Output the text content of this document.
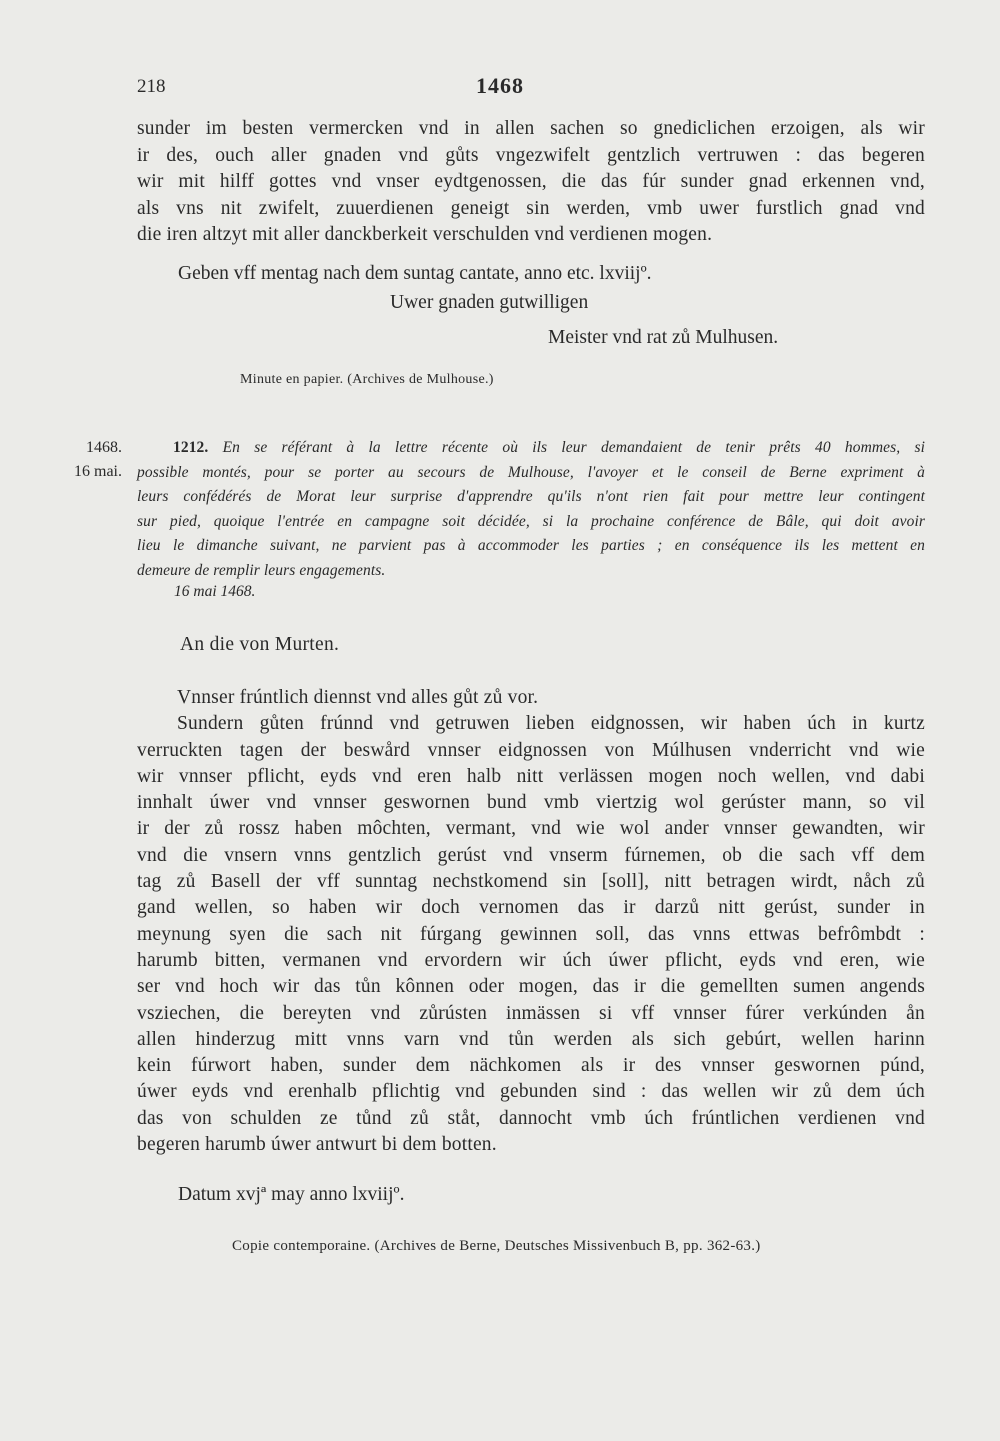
218	1468
sunder im besten vermercken vnd in allen sachen so gnediclichen erzoigen, als wir
ir des, ouch aller gnaden vnd gůts vngezwifelt gentzlich vertruwen : das begeren
wir mit hilff gottes vnd vnser eydtgenossen, die das fúr sunder gnad erkennen vnd,
als vns nit zwifelt, zuuerdienen geneigt sin werden, vmb uwer furstlich gnad vnd
die iren altzyt mit aller danckberkeit verschulden vnd verdienen mogen.
Geben vff mentag nach dem suntag cantate, anno etc. lxviijº.
Uwer gnaden gutwilligen
Meister vnd rat zů Mulhusen.
Minute en papier. (Archives de Mulhouse.)
1468.
16 mai.
1212. En se référant à la lettre récente où ils leur demandaient de tenir prêts 40 hommes, si
possible montés, pour se porter au secours de Mulhouse, l'avoyer et le conseil de Berne expriment à
leurs confédérés de Morat leur surprise d'apprendre qu'ils n'ont rien fait pour mettre leur contingent
sur pied, quoique l'entrée en campagne soit décidée, si la prochaine conférence de Bâle, qui doit avoir
lieu le dimanche suivant, ne parvient pas à accommoder les parties ; en conséquence ils les mettent en
demeure de remplir leurs engagements.
16 mai 1468.
An die von Murten.
Vnnser frúntlich diennst vnd alles gůt zů vor.
Sundern gůten frúnnd vnd getruwen lieben eidgnossen, wir haben úch in kurtz
verruckten tagen der beswård vnnser eidgnossen von Múlhusen vnderricht vnd wie
wir vnnser pflicht, eyds vnd eren halb nitt verlässen mogen noch wellen, vnd dabi
innhalt úwer vnd vnnser geswornen bund vmb viertzig wol gerúster mann, so vil
ir der zů rossz haben môchten, vermant, vnd wie wol ander vnnser gewandten, wir
vnd die vnsern vnns gentzlich gerúst vnd vnserm fúrnemen, ob die sach vff dem
tag zů Basell der vff sunntag nechstkomend sin [soll], nitt betragen wirdt, nåch zů
gand wellen, so haben wir doch vernomen das ir darzů nitt gerúst, sunder in
meynung syen die sach nit fúrgang gewinnen soll, das vnns ettwas befrômbdt :
harumb bitten, vermanen vnd ervordern wir úch úwer pflicht, eyds vnd eren, wie
ser vnd hoch wir das tůn kônnen oder mogen, das ir die gemellten sumen angends
vsziechen, die bereyten vnd zůrústen inmässen si vff vnnser fúrer verkúnden ån
allen hinderzug mitt vnns varn vnd tůn werden als sich gebúrt, wellen harinn
kein fúrwort haben, sunder dem nächkomen als ir des vnnser geswornen púnd,
úwer eyds vnd erenhalb pflichtig vnd gebunden sind : das wellen wir zů dem úch
das von schulden ze tůnd zů ståt, dannocht vmb úch frúntlichen verdienen vnd
begeren harumb úwer antwurt bi dem botten.
Datum xvjª may anno lxviijº.
Copie contemporaine. (Archives de Berne, Deutsches Missivenbuch B, pp. 362-63.)
